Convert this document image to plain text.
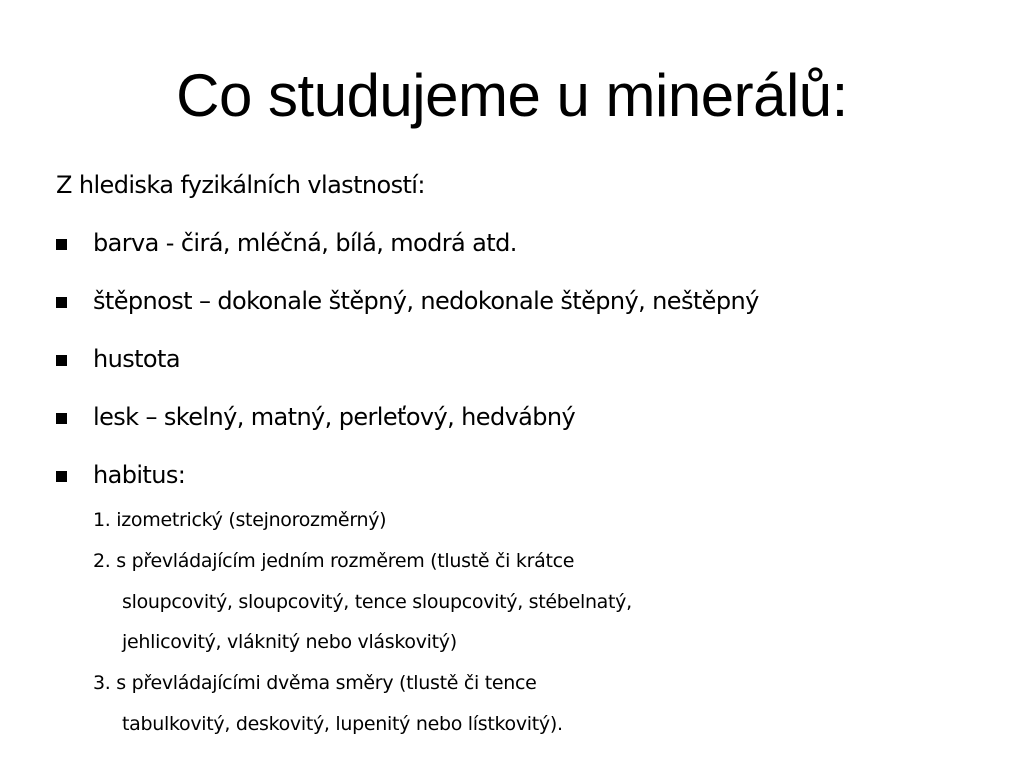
Co studujeme u minerálů:
Z hlediska fyzikálních vlastností:
barva - čirá, mléčná, bílá, modrá atd.
štěpnost – dokonale štěpný, nedokonale štěpný, neštěpný
hustota
lesk – skelný, matný, perleťový, hedvábný
habitus:
1. izometrický (stejnorozměrný)
2. s převládajícím jedním rozměrem (tlustě či krátce
sloupcovitý, sloupcovitý, tence sloupcovitý, stébelnatý,
jehlicovitý, vláknitý nebo vláskovitý)
3. s převládajícími dvěma směry (tlustě či tence
tabulkovitý, deskovitý, lupenitý nebo lístkovitý).
